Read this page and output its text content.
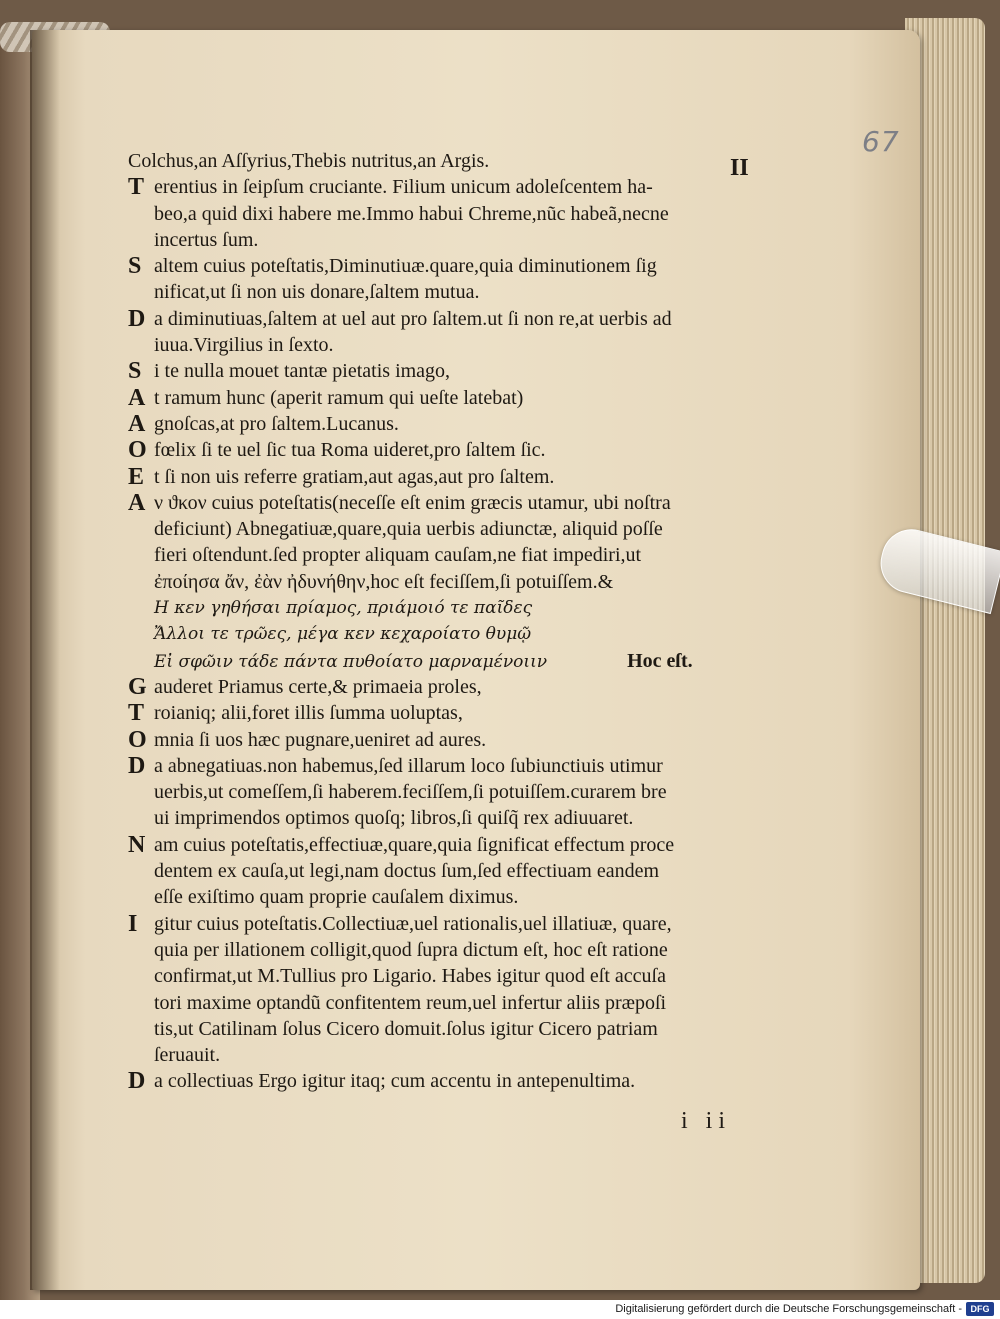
67
II
Colchus,an Aſſyrius,Thebis nutritus,an Argis.
T erentius in ſeipſum cruciante. Filium unicum adoleſcentem ha-
beo,a quid dixi habere me.Immo habui Chreme,nũc habeã,necne
incertus ſum.
S altem cuius poteſtatis,Diminutiuæ.quare,quia diminutionem ſig
nificat,ut ſi non uis donare,ſaltem mutua.
D a diminutiuas,ſaltem at uel aut pro ſaltem.ut ſi non re,at uerbis ad
iuua.Virgilius in ſexto.
S i te nulla mouet tantæ pietatis imago,
A t ramum hunc (aperit ramum qui ueſte latebat)
A gnoſcas,at pro ſaltem.Lucanus.
O fœlix ſi te uel ſic tua Roma uideret,pro ſaltem ſic.
E t ſi non uis referre gratiam,aut agas,aut pro ſaltem.
A ν ϑκον cuius poteſtatis(neceſſe eſt enim græcis utamur, ubi noſtra
deficiunt) Abnegatiuæ,quare,quia uerbis adiunctæ, aliquid poſſe
fieri oſtendunt.ſed propter aliquam cauſam,ne fiat impediri,ut
ἐποίησα ἄν, ἐὰν ἠδυνήθην,hoc eſt feciſſem,ſi potuiſſem.&
Η κεν γηθήσαι πρίαμος, πριάμοιό τε παῖδες
Ἄλλοι τε τρῶες, μέγα κεν κεχαροίατο θυμῷ
Εἰ σφῶιν τάδε πάντα πυθοίατο μαρναμένοιιν	Hoc eſt.
G auderet Priamus certe,& primaeia proles,
T roianiq; alii,foret illis ſumma uoluptas,
O mnia ſi uos hæc pugnare,ueniret ad aures.
D a abnegatiuas.non habemus,ſed illarum loco ſubiunctiuis utimur
uerbis,ut comeſſem,ſi haberem.feciſſem,ſi potuiſſem.curarem bre
ui imprimendos optimos quoſq; libros,ſi quiſq̃ rex adiuuaret.
N am cuius poteſtatis,effectiuæ,quare,quia ſignificat effectum proce
dentem ex cauſa,ut legi,nam doctus ſum,ſed effectiuam eandem
eſſe exiſtimo quam proprie cauſalem diximus.
I gitur cuius poteſtatis.Collectiuæ,uel rationalis,uel illatiuæ, quare,
quia per illationem colligit,quod ſupra dictum eſt, hoc eſt ratione
confirmat,ut M.Tullius pro Ligario. Habes igitur quod eſt accuſa
tori maxime optandũ confitentem reum,uel infertur aliis præpoſi
tis,ut Catilinam ſolus Cicero domuit.ſolus igitur Cicero patriam
ſeruauit.
D a collectiuas Ergo igitur itaq; cum accentu in antepenultima.
i ii
Digitalisierung gefördert durch die Deutsche Forschungsgemeinschaft - DFG
